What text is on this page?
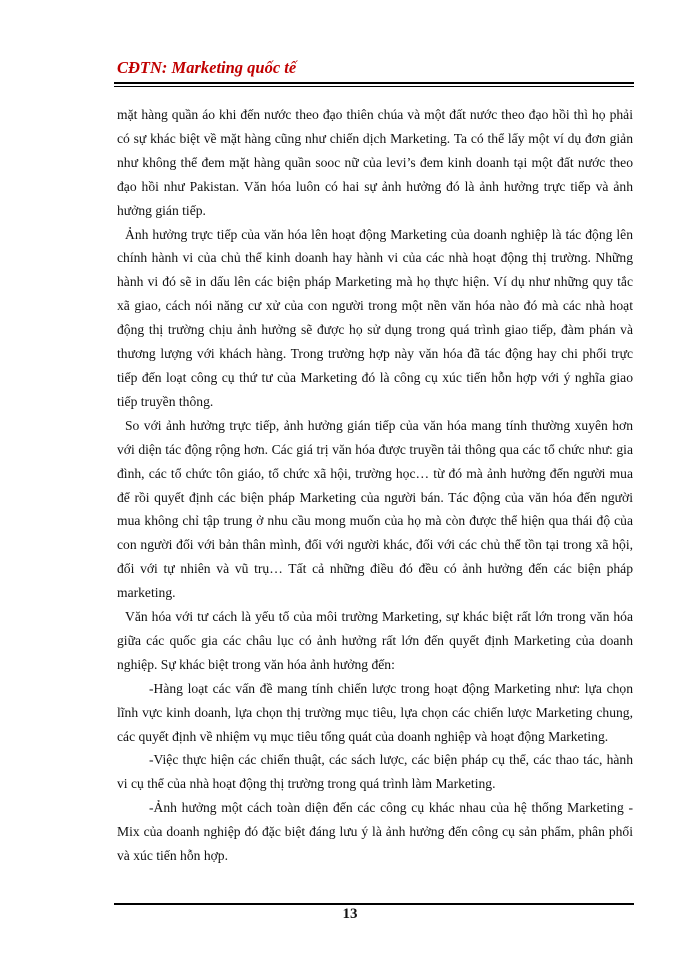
CĐTN: Marketing quốc tế

mặt hàng quần áo khi đến nước theo đạo thiên chúa và một đất nước theo đạo hồi thì họ phải có sự khác biệt về mặt hàng cũng như chiến dịch Marketing. Ta có thể lấy một ví dụ đơn giản như không thể đem mặt hàng quần sooc nữ của levi’s đem kinh doanh tại một đất nước theo đạo hồi như Pakistan. Văn hóa luôn có hai sự ảnh hưởng đó là ảnh hưởng trực tiếp và ảnh hưởng gián tiếp.

Ảnh hưởng trực tiếp của văn hóa lên hoạt động Marketing của doanh nghiệp là tác động lên chính hành vi của chủ thể kinh doanh hay hành vi của các nhà hoạt động thị trường. Những hành vi đó sẽ in dấu lên các biện pháp Marketing mà họ thực hiện. Ví dụ như những quy tắc xã giao, cách nói năng cư xử của con người trong một nền văn hóa nào đó mà các nhà hoạt động thị trường chịu ảnh hưởng sẽ được họ sử dụng trong quá trình giao tiếp, đàm phán và thương lượng với khách hàng. Trong trường hợp này văn hóa đã tác động hay chi phối trực tiếp đến loạt công cụ thứ tư của Marketing đó là công cụ xúc tiến hỗn hợp với ý nghĩa giao tiếp truyền thông.

So với ảnh hưởng trực tiếp, ảnh hưởng gián tiếp của văn hóa mang tính thường xuyên hơn với diện tác động rộng hơn. Các giá trị văn hóa được truyền tải thông qua các tổ chức như: gia đình, các tổ chức tôn giáo, tổ chức xã hội, trường học… từ đó mà ảnh hưởng đến người mua để rồi quyết định các biện pháp Marketing của người bán. Tác động của văn hóa đến người mua không chỉ tập trung ở nhu cầu mong muốn của họ mà còn được thể hiện qua thái độ của con người đối với bản thân mình, đối với người khác, đối với các chủ thể tồn tại trong xã hội, đối với tự nhiên và vũ trụ… Tất cả những điều đó đều có ảnh hưởng đến các biện pháp marketing.

Văn hóa với tư cách là yếu tố của môi trường Marketing, sự khác biệt rất lớn trong văn hóa giữa các quốc gia các châu lục có ảnh hưởng rất lớn đến quyết định Marketing của doanh nghiệp. Sự khác biệt trong văn hóa ảnh hưởng đến:

-Hàng loạt các vấn đề mang tính chiến lược trong hoạt động Marketing như: lựa chọn lĩnh vực kinh doanh, lựa chọn thị trường mục tiêu, lựa chọn các chiến lược Marketing chung, các quyết định về nhiệm vụ mục tiêu tổng quát của doanh nghiệp và hoạt động Marketing.

-Việc thực hiện các chiến thuật, các sách lược, các biện pháp cụ thể, các thao tác, hành vi cụ thể của nhà hoạt động thị trường trong quá trình làm Marketing.

-Ảnh hưởng một cách toàn diện đến các công cụ khác nhau của hệ thống Marketing - Mix của doanh nghiệp đó đặc biệt đáng lưu ý là ảnh hưởng đến công cụ sản phẩm, phân phối và xúc tiến hỗn hợp.

13
